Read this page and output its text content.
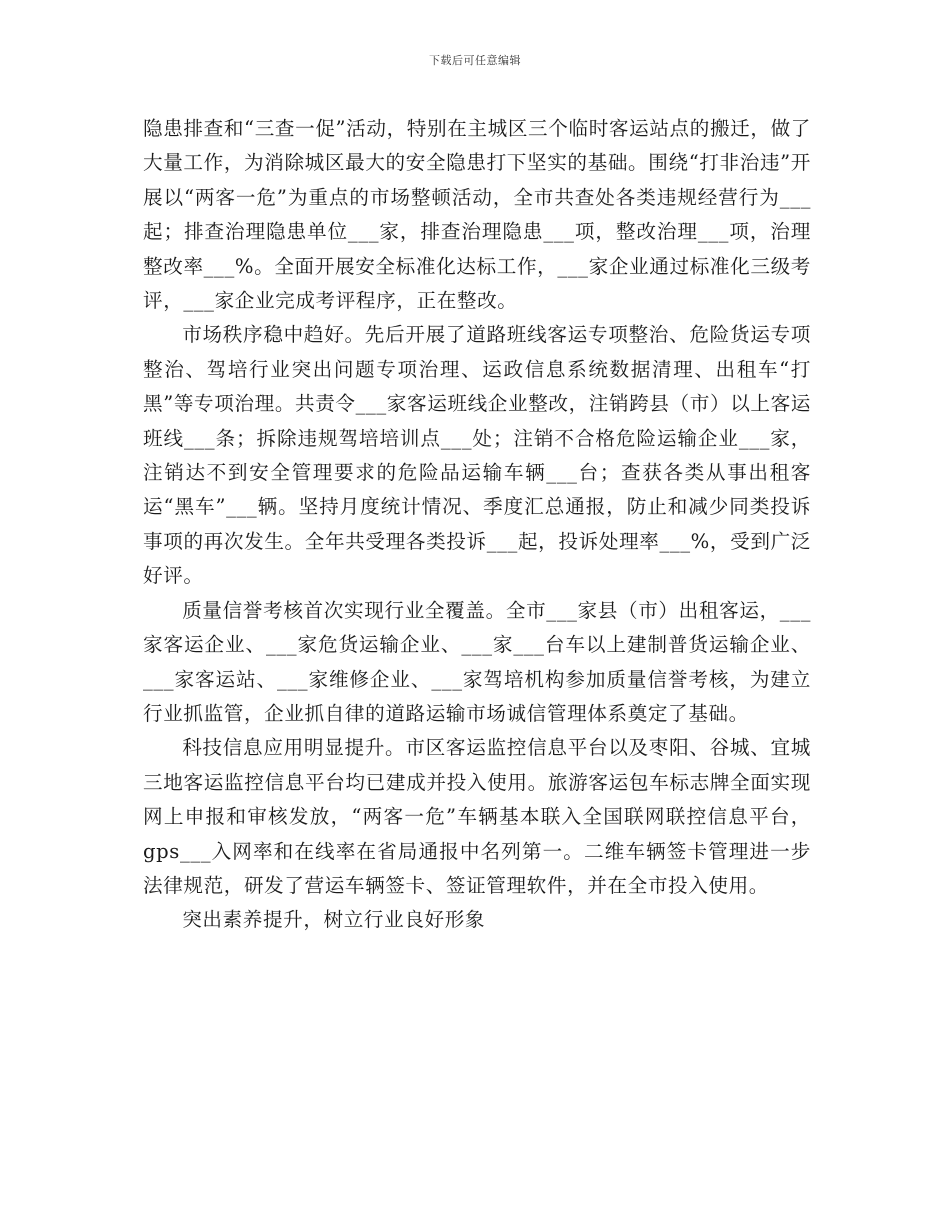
下载后可任意编辑

隐患排查和“三查一促”活动，特别在主城区三个临时客运站点的搬迁，做了大量工作，为消除城区最大的安全隐患打下坚实的基础。围绕“打非治违”开展以“两客一危”为重点的市场整顿活动，全市共查处各类违规经营行为___起；排查治理隐患单位___家，排查治理隐患___项，整改治理___项，治理整改率___%。全面开展安全标准化达标工作，___家企业通过标准化三级考评，___家企业完成考评程序，正在整改。

市场秩序稳中趋好。先后开展了道路班线客运专项整治、危险货运专项整治、驾培行业突出问题专项治理、运政信息系统数据清理、出租车“打黑”等专项治理。共责令___家客运班线企业整改，注销跨县（市）以上客运班线___条；拆除违规驾培培训点___处；注销不合格危险运输企业___家，注销达不到安全管理要求的危险品运输车辆___台；查获各类从事出租客运“黑车”___辆。坚持月度统计情况、季度汇总通报，防止和减少同类投诉事项的再次发生。全年共受理各类投诉___起，投诉处理率___%，受到广泛好评。

质量信誉考核首次实现行业全覆盖。全市___家县（市）出租客运，___家客运企业、___家危货运输企业、___家___台车以上建制普货运输企业、___家客运站、___家维修企业、___家驾培机构参加质量信誉考核，为建立行业抓监管，企业抓自律的道路运输市场诚信管理体系奠定了基础。

科技信息应用明显提升。市区客运监控信息平台以及枣阳、谷城、宜城三地客运监控信息平台均已建成并投入使用。旅游客运包车标志牌全面实现网上申报和审核发放，“两客一危”车辆基本联入全国联网联控信息平台，gps___入网率和在线率在省局通报中名列第一。二维车辆签卡管理进一步法律规范，研发了营运车辆签卡、签证管理软件，并在全市投入使用。

突出素养提升，树立行业良好形象
